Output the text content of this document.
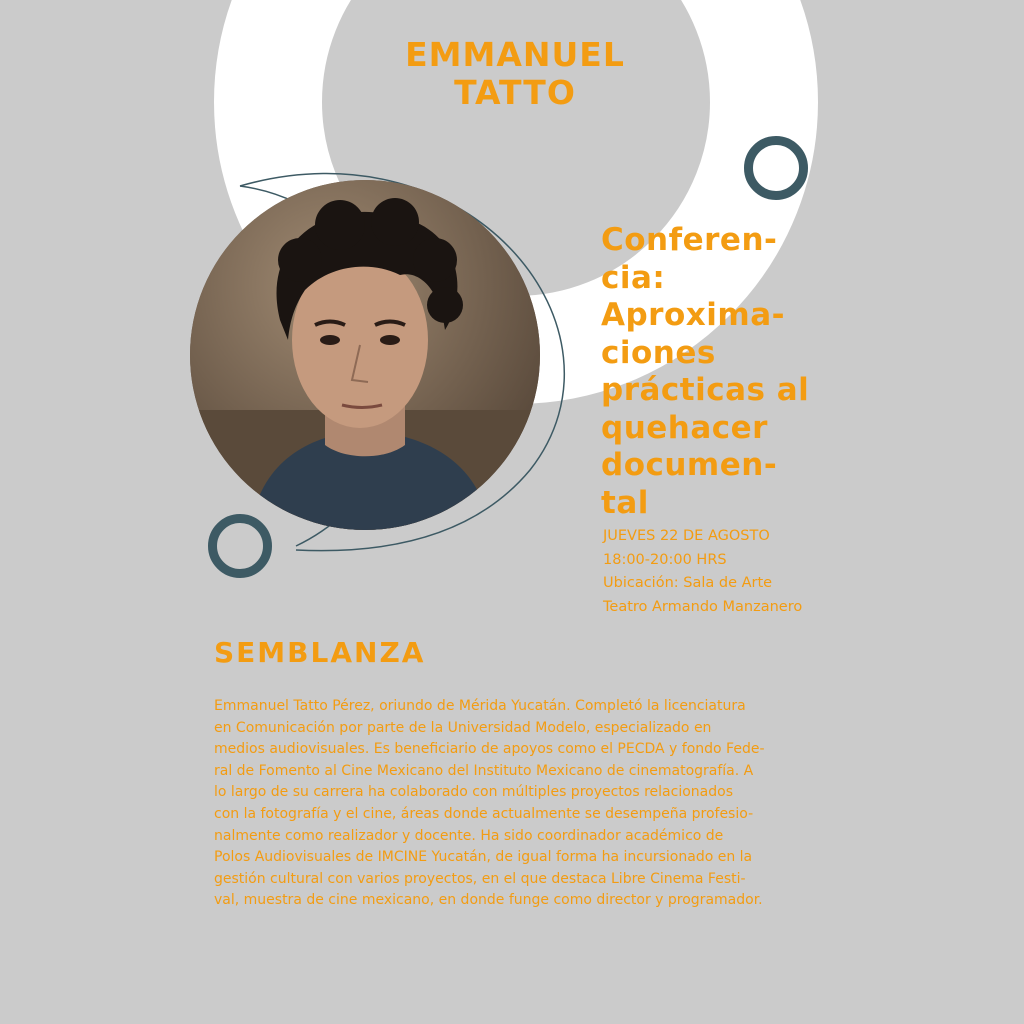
EMMANUEL
TATTO
Conferen-
cia:
Aproxima-
ciones
prácticas al
quehacer
documen-
tal
JUEVES 22 DE AGOSTO
18:00-20:00 HRS
Ubicación: Sala de Arte
Teatro Armando Manzanero
SEMBLANZA
Emmanuel Tatto Pérez, oriundo de Mérida Yucatán. Completó la licenciatura
en Comunicación por parte de la Universidad Modelo, especializado en
medios audiovisuales. Es beneficiario de apoyos como el PECDA y fondo Fede-
ral de Fomento al Cine Mexicano del Instituto Mexicano de cinematografía. A
lo largo de su carrera ha colaborado con múltiples proyectos relacionados
con la fotografía y el cine, áreas donde actualmente se desempeña profesio-
nalmente como realizador y docente. Ha sido coordinador académico de
Polos Audiovisuales de IMCINE Yucatán, de igual forma ha incursionado en la
gestión cultural con varios proyectos, en el que destaca Libre Cinema Festi-
val, muestra de cine mexicano, en donde funge como director y programador.
